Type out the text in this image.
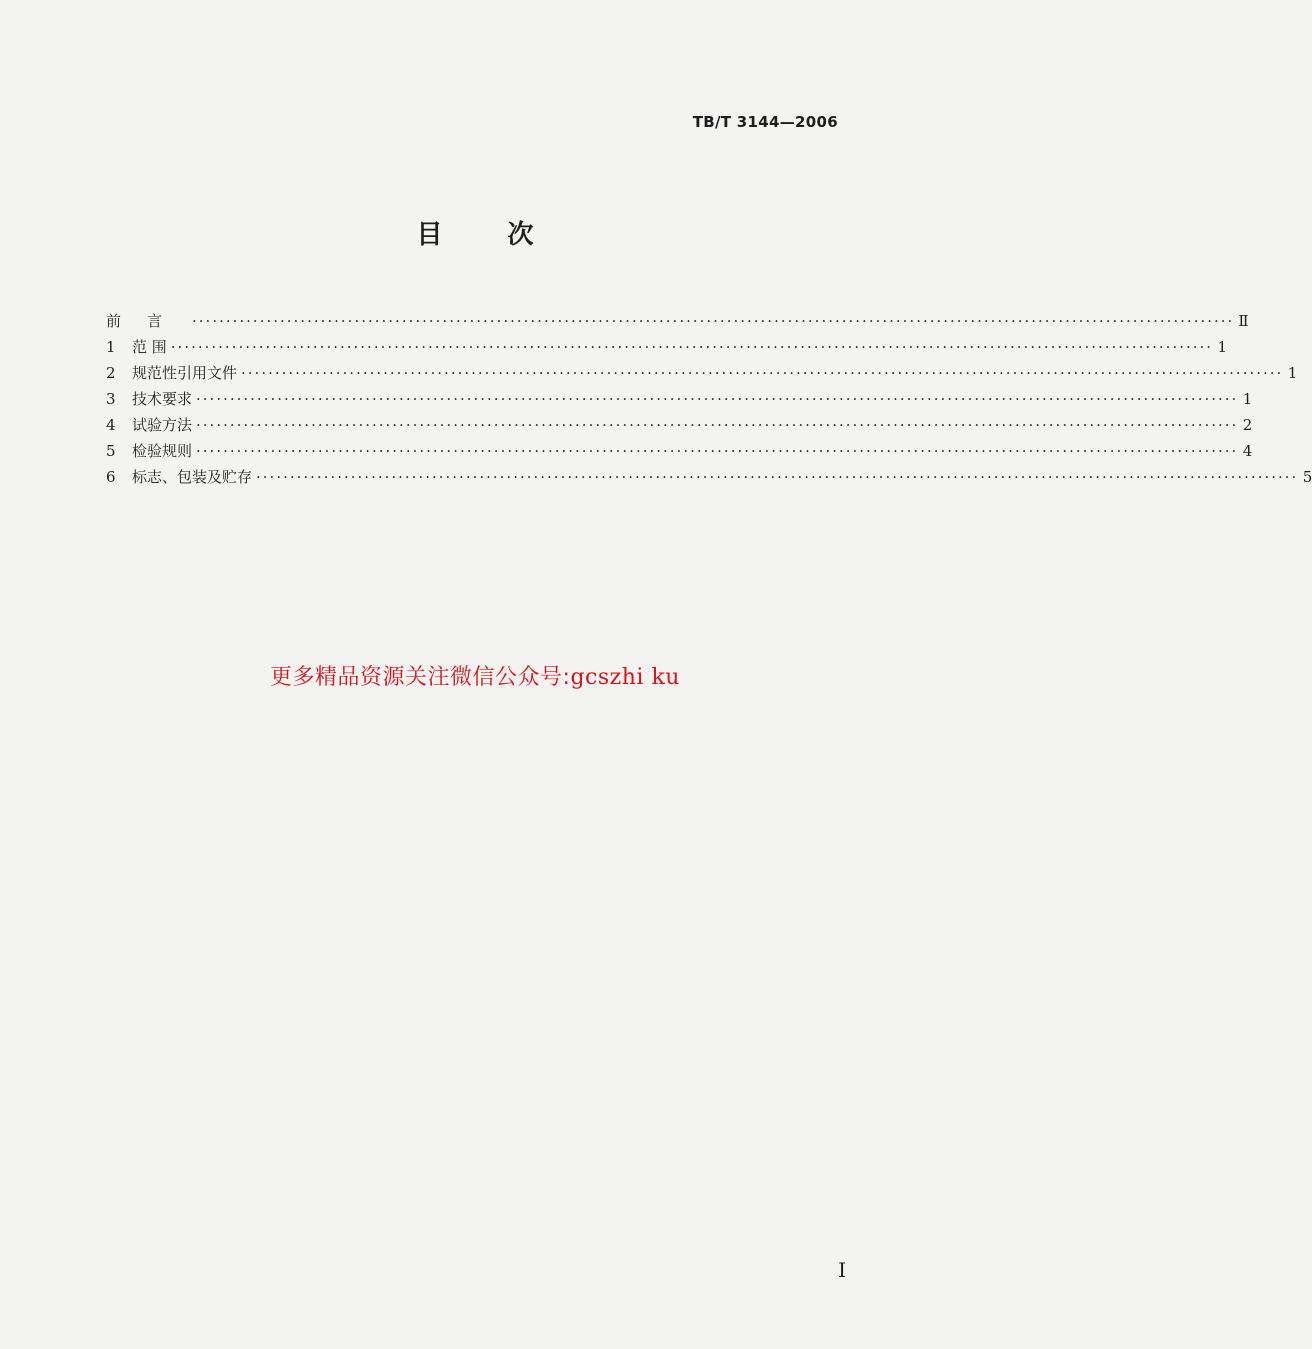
TB/T 3144—2006
目 次
前言 ·························································································································································· Ⅱ
1	范 围 ·························································································································································· 1
2	规范性引用文件 ·························································································································································· 1
3	技术要求 ·························································································································································· 1
4	试验方法 ·························································································································································· 2
5	检验规则 ·························································································································································· 4
6	标志、包装及贮存 ·························································································································································· 5
更多精品资源关注微信公众号:gcszhi ku
I
